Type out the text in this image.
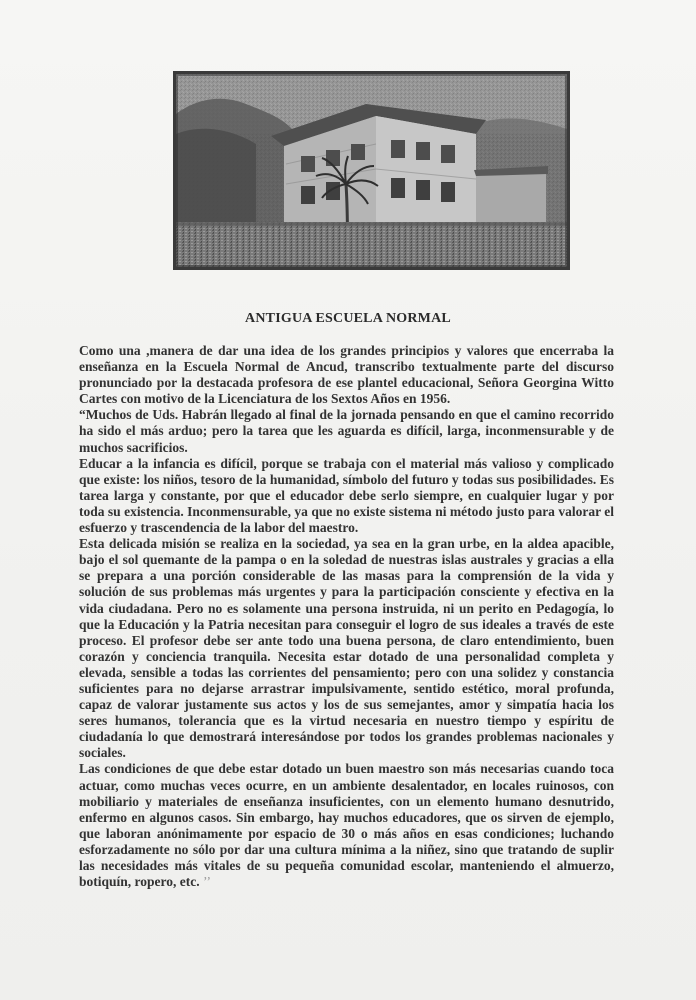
ANTIGUA ESCUELA NORMAL

Como una ,manera de dar una idea de los grandes principios y valores que encerraba la enseñanza en la Escuela Normal de Ancud, transcribo textualmente parte del discurso pronunciado por la destacada profesora de ese plantel educacional, Señora Georgina Witto Cartes con motivo de la Licenciatura de los Sextos Años en 1956.

“Muchos de Uds. Habrán llegado al final de la jornada pensando en que el camino recorrido ha sido el más arduo; pero la tarea que les aguarda es difícil, larga, inconmensurable y de muchos sacrificios.

Educar a la infancia es difícil, porque se trabaja con el material más valioso y complicado que existe: los niños, tesoro de la humanidad, símbolo del futuro y todas sus posibilidades. Es tarea larga y constante, por que el educador debe serlo siempre, en cualquier lugar y por toda su existencia. Inconmensurable, ya que no existe sistema ni método justo para valorar el esfuerzo y trascendencia de la labor del maestro.

Esta delicada misión se realiza en la sociedad, ya sea en la gran urbe, en la aldea apacible, bajo el sol quemante de la pampa o en la soledad de nuestras islas australes y gracias a ella se prepara a una porción considerable de las masas para la comprensión de la vida y solución de sus problemas más urgentes y para la participación consciente y efectiva en la vida ciudadana. Pero no es solamente una persona instruida, ni un perito en Pedagogía, lo que la Educación y la Patria necesitan para conseguir el logro de sus ideales a través de este proceso. El profesor debe ser ante todo una buena persona, de claro entendimiento, buen corazón y conciencia tranquila. Necesita estar dotado de una personalidad completa y elevada, sensible a todas las corrientes del pensamiento; pero con una solidez y constancia suficientes para no dejarse arrastrar impulsivamente, sentido estético, moral profunda, capaz de valorar justamente sus actos y los de sus semejantes, amor y simpatía hacia los seres humanos, tolerancia que es la virtud necesaria en nuestro tiempo y espíritu de ciudadanía lo que demostrará interesándose por todos los grandes problemas nacionales y sociales.

Las condiciones de que debe estar dotado un buen maestro son más necesarias cuando toca actuar, como muchas veces ocurre, en un ambiente desalentador, en locales ruinosos, con mobiliario y materiales de enseñanza insuficientes, con un elemento humano desnutrido, enfermo en algunos casos. Sin embargo, hay muchos educadores, que os sirven de ejemplo, que laboran anónimamente por espacio de 30 o más años en esas condiciones; luchando esforzadamente no sólo por dar una cultura mínima a la niñez, sino que tratando de suplir las necesidades más vitales de su pequeña comunidad escolar, manteniendo el almuerzo, botiquín, ropero, etc. ’’
